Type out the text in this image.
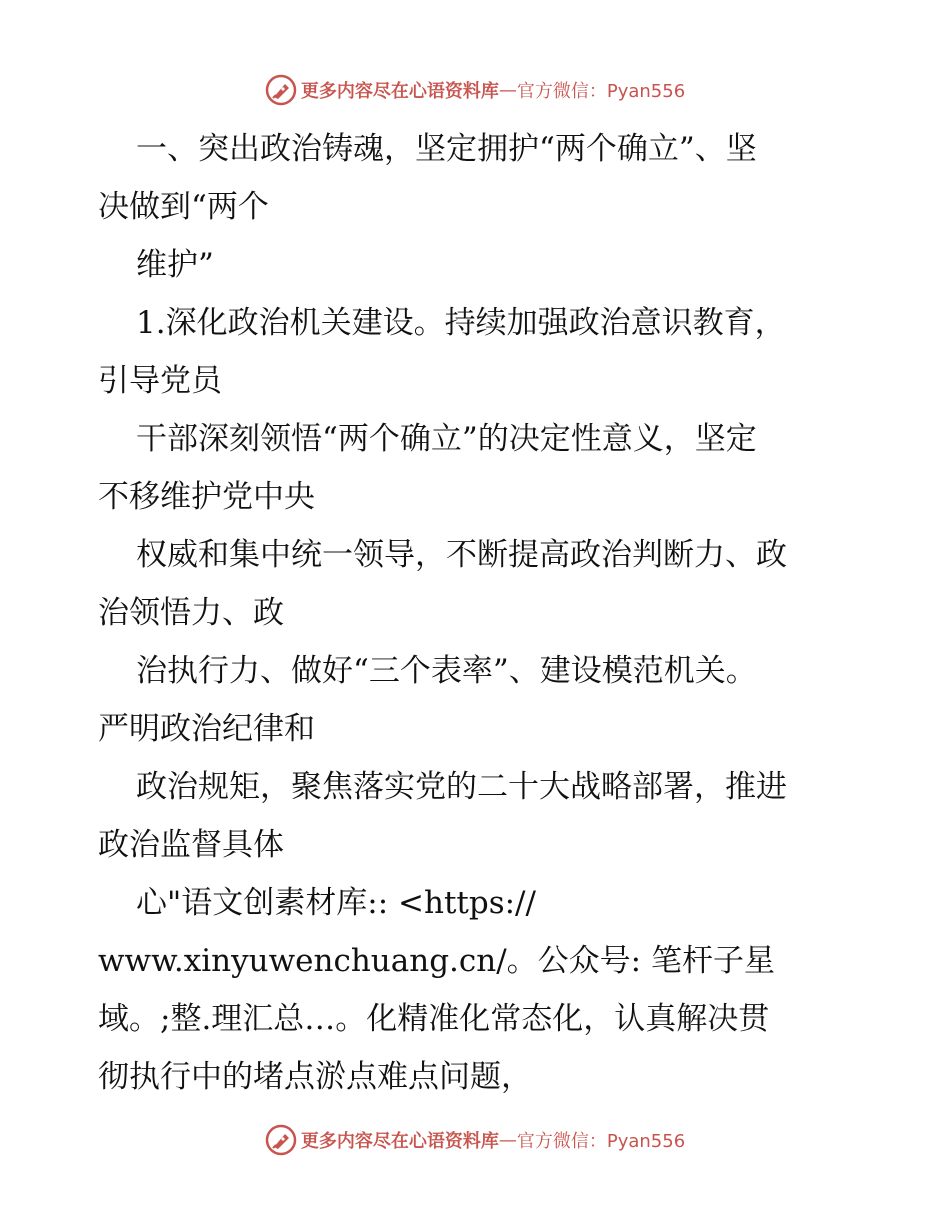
更多内容尽在心语资料库 — 官方微信：Pyan556

一、突出政治铸魂，坚定拥护“两个确立”、坚

决做到“两个

维护”

1.深化政治机关建设。持续加强政治意识教育，

引导党员

干部深刻领悟“两个确立”的决定性意义，坚定

不移维护党中央

权威和集中统一领导，不断提高政治判断力、政

治领悟力、政

治执行力、做好“三个表率”、建设模范机关。

严明政治纪律和

政治规矩，聚焦落实党的二十大战略部署，推进

政治监督具体

心"语文创素材库:: <https://

www.xinyuwenchuang.cn/。公众号: 笔杆子星

域。;整.理汇总…。化精准化常态化，认真解决贯

彻执行中的堵点淤点难点问题，

更多内容尽在心语资料库 — 官方微信：Pyan556
